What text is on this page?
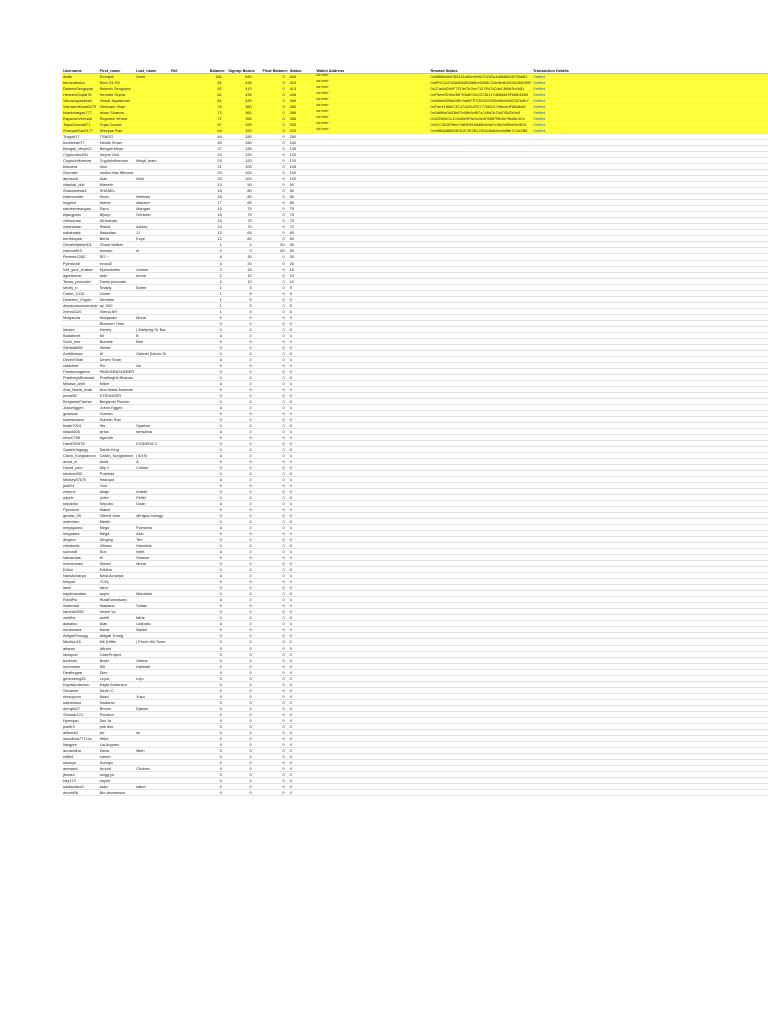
Username	First_name	Last_name	Ref	Balance	Signup Bonus	Final Balance	Status	Wallet Address	Reward Status	Transaction Details
duffie	Emmjali	Deeli		186	640	0	846	Winner	0x8f8f6b6e6769101a5be6e9670292a1d8b6fb287f2bf6f1	Settled
benanabuba	Ram 33.3%			81	435	0	416	Winner	0x8F0C2cF6384Bb8B4d8be6268C2de8e4b1f63b1880f9f2	Settled
RakeshSengupta	Rakesh Sengupta			82	410	0	413	Winner	0x27a4df2b0F7FDbf7b2be7137f9C9CdbC8f0b2b4b81	Settled
HemantGupta78	Hemant Gupta			81	435	0	406	Winner	0xF9ee0D9be36F53d8C2b03746117d8b8d49F8f8b5289	Settled
VishalJayasimari	Vishal Jayasimari			81	435	0	406	Winner	0x8d6eBf2f8a0f5C9af0FE7D00D2D95e9b0e6f2Dd7b8b7	Settled
VishwamKolal6479	Vishwam Shah			76	380	0	380	Winner	0xFde41f8bfC3C47c52b2F6777fd0017bfbe4dF8Bdbd6	Settled
khanbhargav777	Ishan Sharma			72	360	0	366	Winner	0x0d6f6e0603b67e98b5cBf7a7d5d7b7bd7f3d2b0e5	Settled
RayanshVerma8	Rayansh Verma			71	356	0	356	Winner	0xDD96DCc1C0d6e9F8c9c3e4F8f8f7f9b8e7f6d8e3Ce	Settled
TejasGouda871	Tejas Gouda			67	335	0	335	Winner	0x01C3D0f7ffee7d83f9f1b6d8b9cfa7c1fb0e8f0d0b0E61	Settled
ShreyasRao0177	Shreyas Rao			64	320	0	320	Winner	0x08fB8d8f8D8FA1E3E2B1252A0fa6cbe5d8fb7C4a7B6	Settled
Trago617	TRAGO			84	280	0	280			
boddehariT7	Hardik Shoer			30	150	0	150			
Bengali_Meye01	Bengali Meye			27	135	0	135			
Cryptooleo051	Ілгуля Оса			24	120	0	120			
CryptoInfluencer	CryptoInfluencer	Megit_team		24	120	0	120			
finboard	Hari			21	105	0	105			
Gunnste	Vodka Max Bitmore			20	100	0	100			
abnauvit	Alan	Worl		20	100	0	100			
vitashal_dull	Manesh			14	90	0	90			
Shanuinetail1	SHANEL			16	80	0	80			
kiramonster	Kiran	Neeksis		16	80	0	80			
hugebd	bertob	stlanten		17	85	0	85			
sardeevmangan	Sami	Mangan		15	75	0	75			
bijangpain	Bijonp	Genkbin		15	75	0	75			
xiIIhuanao	AIHuanao			15	75	0	75			
ostansiasu	Ratna	Azizez		14	70	0	70			
nakabatsk	Nakadaw	JJ		13	65	0	65			
bertirkuyse	Berta	Kuye		12	60	0	60			
GhostWalker001	Ghost Walker			1	0	50	50			
zoecoeff13	annson	el		0	0	50	50			
Reverie1282	RO ~			6	30	0	30			
Pyenivoib	evolut2			4	20	0	20			
Not_your_trustee	Kjobsdobbs	Usman		3	15	0	15			
agarthume	aldo	hume		2	10	0	10			
Tavas_promoter	Tavas promoter			2	10	0	10			
strolly_b	Shakty	Bothe		1	5	0	5			
Carter_0110	Carter			1	5	0	5			
Demeter_Crypto	Demeter			1	5	0	5			
dmasomsonsenselp	ay .000			1	5	0	5			
Xiemol120	Xiema.MY			1	5	0	5			
Mukjauda	Mukjauda	Murai		0	0	0	0			
	Blossom Titan			0	0	0	0			
lekotre	Harrey	| Wallyreg Or Bar		0	0	0	0			
Badabheli	Mi	B		0	0	0	0			
Such_bee	Bumble	Bee		0	0	0	0			
Stellar8689	Stellar			0	0	0	0			
AmMbessa	M	Gabriel (Never Di		0	0	0	0			
DevenShah	Deven Shah			0	0	0	0			
ciddoltee	Pio	As		0	0	0	0			
Panduraugama	PANDARASUEBER			0	0	0	0			
PradheghBhanaut	Pradheghit Bhanau			0	0	0	0			
Mikasa_Amit	Mikre			0	0	0	0			
Ana_Maria_Arab	Ana Maria Andrade			0	0	0	0			
pnadi30	STRANGER			0	0	0	0			
BenjaminFischer	Benjamin Fischer			0	0	0	0			
Jukkeliggen	Juhon Eggen			0	0	0	0			
gustavai	Gusnev			0	0	0	0			
sukeshaaoo	Sukesh Rao			0	0	0	0			
bsakt7004	His	Spartan		0	0	0	0			
nilau8406	sirius	sensarsa		0	0	0	0			
ehsu0758	Agnhdh			0	0	0	0			
Hard0905T6		KG|NERA 3		0	0	0	0			
SarahKingagg	Sarah King			0	0	0	0			
Calvo_Kungkamon	Calvin_Kungkamon	| 8/19|		0	0	0	0			
avvid_si	Avist	A		0	0	0	0			
Hazid_com	Ally c	Coledo		0	0	0	0			
studme095	Prabhas			0	0	0	0			
Minkey8767E	Hasnaut			0	0	0	0			
jsub24	Yusi			0	0	0	0			
zeepoz	Akaju	Arable		0	0	0	0			
udprix	Udim	Pellet		0	0	0	0			
sepubita	Sepubu	Doan		0	0	0	0			
Pyenivoit	Makut			0	0	0	0			
geolas_09	Gilbert Jose	@Hgus-mology		0	0	0	0			
metbrahu	Meeth			0	0	0	0			
megapuma	Mega	Purnama		0	0	0	0			
megatara	Mega	Aksi		0	0	0	0			
dingten	Dinging	Ten		0	0	0	0			
vihndanis	Vihnan	Handaris		0	0	0	0			
sunnadf	Sun	Nerit		0	0	0	0			
samsudas	M	Samsur		0	0	0	0			
muminuraci	Murad	Murai		0	0	0	0			
Edulu	Edulna			0	0	0	0			
NaraAcharya	Nara Acharya			0	0	0	0			
tinkyok	YCKj			0	0	0	0			
lashi	lakur			0	0	0	0			
saydmandam	sayid	Mandiam		0	0	0	0			
RizalPsi	RizalKurniawan			0	0	0	0			
mastotad	Mastana	Sultan		0	0	0	0			
harsh62955	Harsh Vo			0	0	0	0			
oshifhe	ashifi	fathe		0	0	0	0			
alasalso	Alan	Lasbalio		0	0	0	0			
nunzanara	Narra	Naxtul		0	0	0	0			
AbigailYoungg	Abigail Young			0	0	0	0			
Mkultyn16	Mk (Hiffer	| Proch Hill Toner		0	0	0	0			
aftarax	Aftrairi			0	0	0	0			
Ianispub	CaseProject			0	0	0	0			
budhoto	Budd	Utame		0	0	0	0			
hubmams	Siti	Halimah		0	0	0	0			
Deafhugee	Dies			0	0	0	0			
geniodong35	Leyia	Lejo		0	0	0	0			
KaylaAnderson	Kayla Anderson			0	0	0	0			
Sevasse	Devin C			0	0	0	0			
ninaoyonu	Nasri	Yusu		0	0	0	0			
sariwrstad	Sadianci			0	0	0	0			
dumjah27	Broom	Djason		0	0	0	0			
Shumar121	Pcusbor			0	0	0	0			
Hyrenjan	Dar Ja			0	0	0	0			
polkfr3	pok dhe			0	0	0	0			
aritsark2	Ari	iis		0	0	0	0			
stoodhua7771xs	Hiltur			0	0	0	0			
llangpre	Lia Angrain			0	0	0	0			
dunamiDa	Dana	Mien		0	0	0	0			
ediflid	edried			0	0	0	0			
sisunyo	Sunayo			0	0	0	0			
anewaid	Arnold	Chobes		0	0	0	0			
jbmaui	blogg ps			0	0	0	0			
bay174	bayok			0	0	0	0			
salakulabe2	sako	kabol		0	0	0	0			
dunmi06	Bio devannsun			0	0	0	0			
